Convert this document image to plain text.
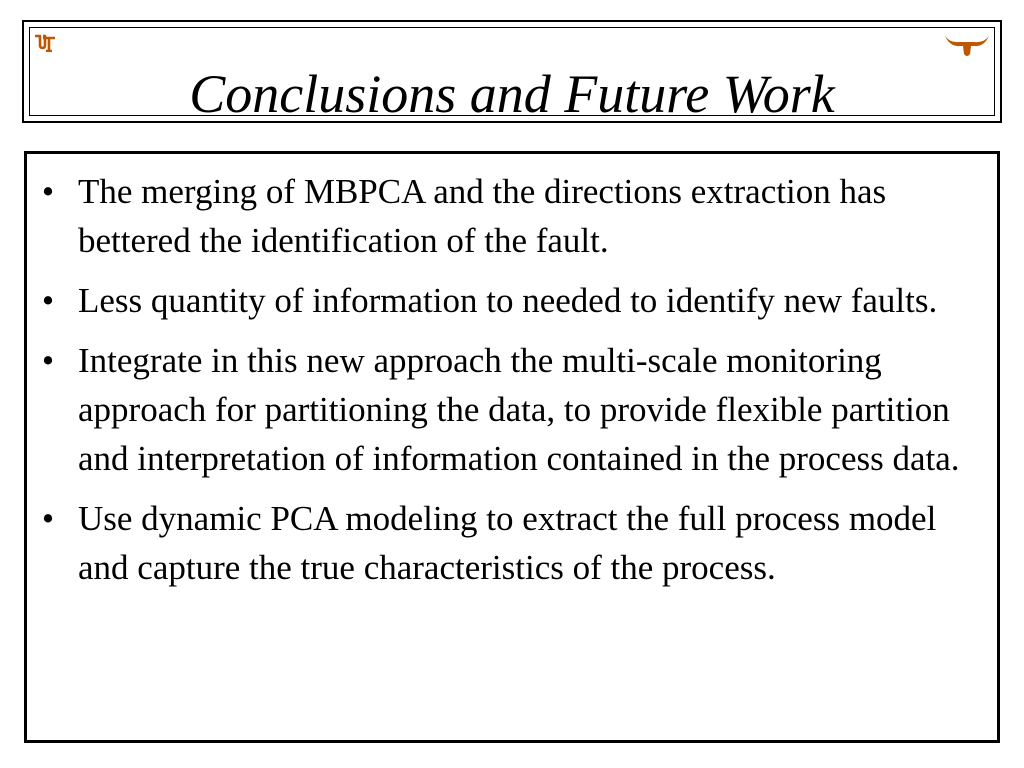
Conclusions and Future Work
• The merging of MBPCA and the directions extraction has bettered the identification of the fault.
• Less quantity of information to needed to identify new faults.
• Integrate in this new approach the multi-scale monitoring approach for partitioning the data, to provide flexible partition and interpretation of information contained in the process data.
• Use dynamic PCA modeling to extract the full process model and capture the true characteristics of the process.
